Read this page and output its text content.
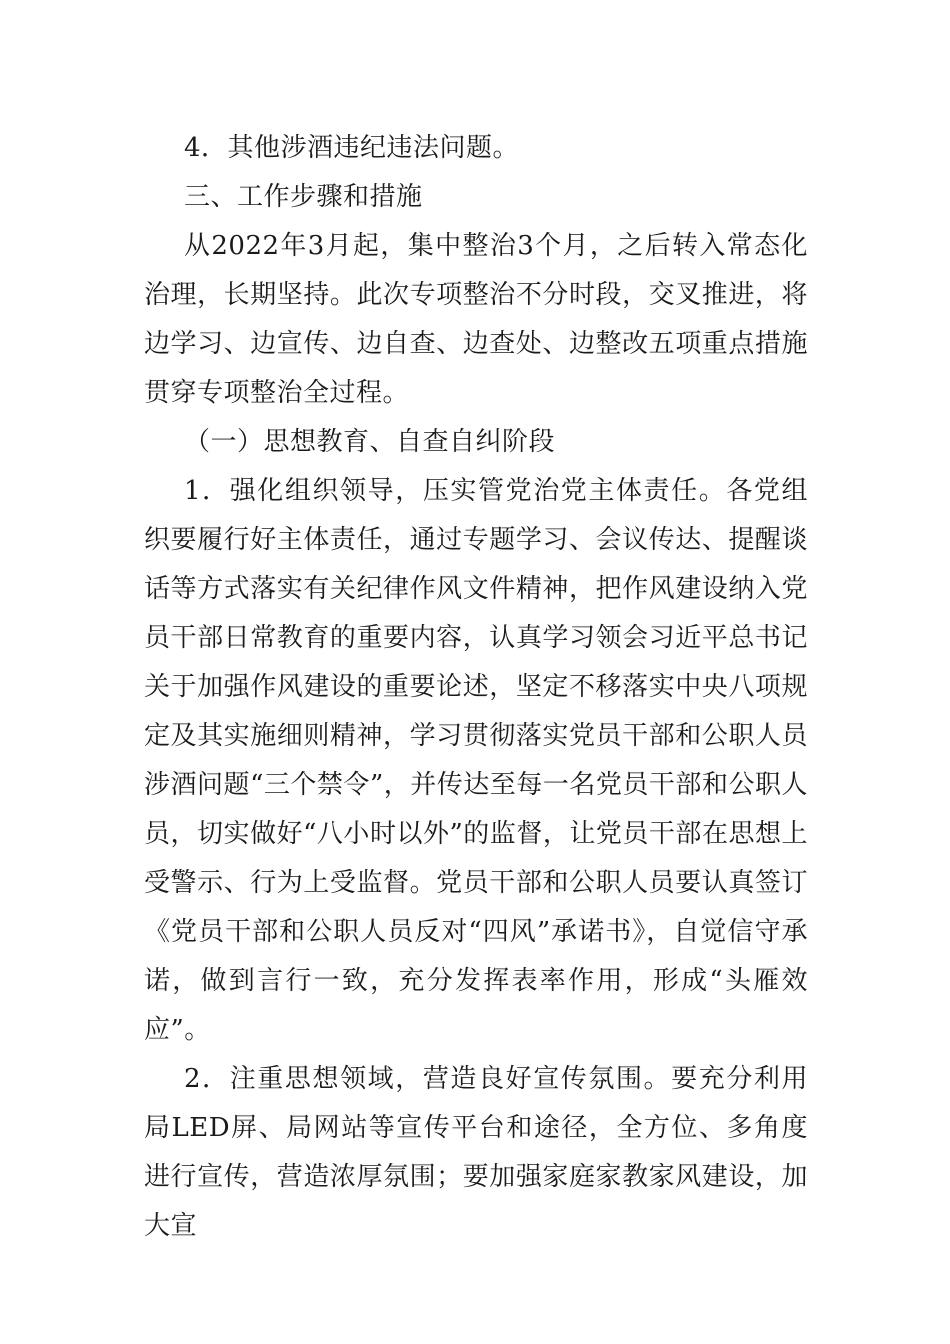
4．其他涉酒违纪违法问题。

三、工作步骤和措施

从2022年3月起，集中整治3个月，之后转入常态化治理，长期坚持。此次专项整治不分时段，交叉推进，将边学习、边宣传、边自查、边查处、边整改五项重点措施贯穿专项整治全过程。

（一）思想教育、自查自纠阶段

1．强化组织领导，压实管党治党主体责任。各党组织要履行好主体责任，通过专题学习、会议传达、提醒谈话等方式落实有关纪律作风文件精神，把作风建设纳入党员干部日常教育的重要内容，认真学习领会习近平总书记关于加强作风建设的重要论述，坚定不移落实中央八项规定及其实施细则精神，学习贯彻落实党员干部和公职人员涉酒问题“三个禁令”，并传达至每一名党员干部和公职人员，切实做好“八小时以外”的监督，让党员干部在思想上受警示、行为上受监督。党员干部和公职人员要认真签订《党员干部和公职人员反对“四风”承诺书》，自觉信守承诺，做到言行一致，充分发挥表率作用，形成“头雁效应”。

2．注重思想领域，营造良好宣传氛围。要充分利用局LED屏、局网站等宣传平台和途径，全方位、多角度进行宣传，营造浓厚氛围；要加强家庭家教家风建设，加大宣
